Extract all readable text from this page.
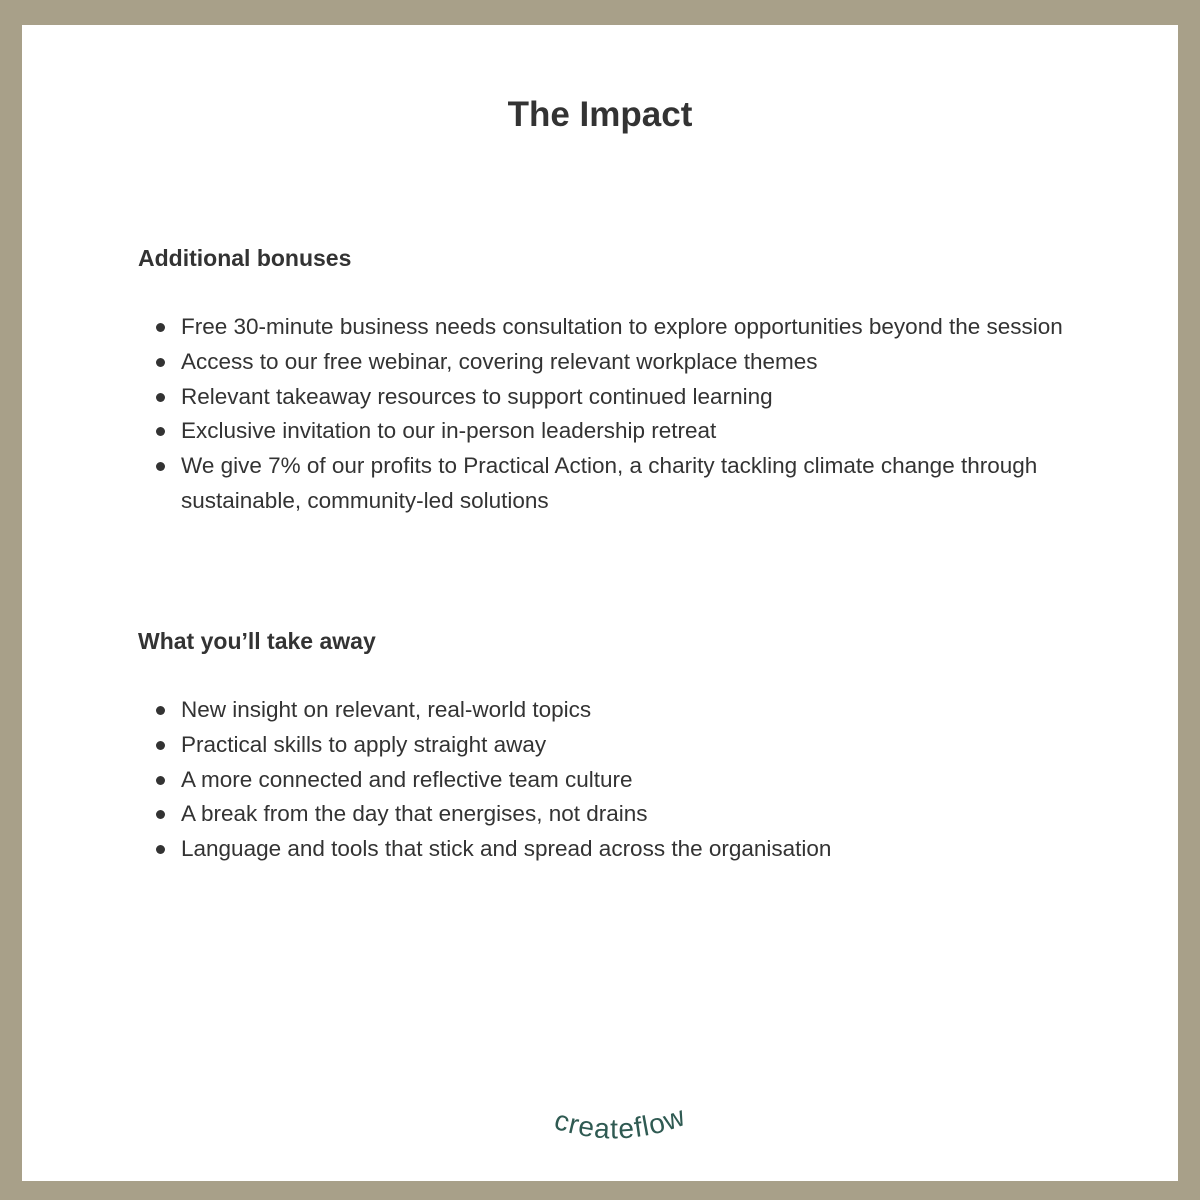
The Impact
Additional bonuses
Free 30-minute business needs consultation to explore opportunities beyond the session
Access to our free webinar, covering relevant workplace themes
Relevant takeaway resources to support continued learning
Exclusive invitation to our in-person leadership retreat
We give 7% of our profits to Practical Action, a charity tackling climate change through sustainable, community-led solutions
What you’ll take away
New insight on relevant, real-world topics
Practical skills to apply straight away
A more connected and reflective team culture
A break from the day that energises, not drains
Language and tools that stick and spread across the organisation
createflow
